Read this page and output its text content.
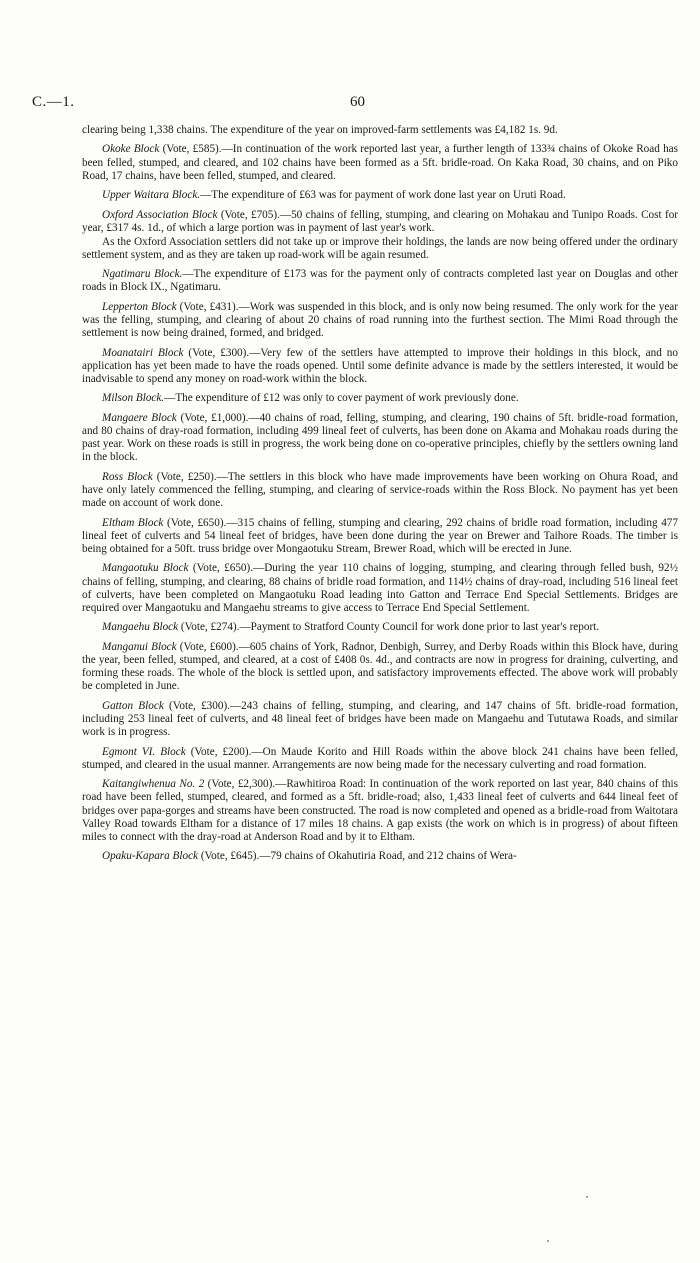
C.—1.	60

clearing being 1,338 chains. The expenditure of the year on improved-farm settlements was £4,182 1s. 9d.

Okoke Block (Vote, £585).—In continuation of the work reported last year, a further length of 133¾ chains of Okoke Road has been felled, stumped, and cleared, and 102 chains have been formed as a 5ft. bridle-road. On Kaka Road, 30 chains, and on Piko Road, 17 chains, have been felled, stumped, and cleared.

Upper Waitara Block.—The expenditure of £63 was for payment of work done last year on Uruti Road.

Oxford Association Block (Vote, £705).—50 chains of felling, stumping, and clearing on Mohakau and Tunipo Roads. Cost for year, £317 4s. 1d., of which a large portion was in payment of last year's work.

As the Oxford Association settlers did not take up or improve their holdings, the lands are now being offered under the ordinary settlement system, and as they are taken up road-work will be again resumed.

Ngatimaru Block.—The expenditure of £173 was for the payment only of contracts completed last year on Douglas and other roads in Block IX., Ngatimaru.

Lepperton Block (Vote, £431).—Work was suspended in this block, and is only now being resumed. The only work for the year was the felling, stumping, and clearing of about 20 chains of road running into the furthest section. The Mimi Road through the settlement is now being drained, formed, and bridged.

Moanatairi Block (Vote, £300).—Very few of the settlers have attempted to improve their holdings in this block, and no application has yet been made to have the roads opened. Until some definite advance is made by the settlers interested, it would be inadvisable to spend any money on road-work within the block.

Milson Block.—The expenditure of £12 was only to cover payment of work previously done.

Mangaere Block (Vote, £1,000).—40 chains of road, felling, stumping, and clearing, 190 chains of 5ft. bridle-road formation, and 80 chains of dray-road formation, including 499 lineal feet of culverts, has been done on Akama and Mohakau roads during the past year. Work on these roads is still in progress, the work being done on co-operative principles, chiefly by the settlers owning land in the block.

Ross Block (Vote, £250).—The settlers in this block who have made improvements have been working on Ohura Road, and have only lately commenced the felling, stumping, and clearing of service-roads within the Ross Block. No payment has yet been made on account of work done.

Eltham Block (Vote, £650).—315 chains of felling, stumping and clearing, 292 chains of bridle road formation, including 477 lineal feet of culverts and 54 lineal feet of bridges, have been done during the year on Brewer and Taihore Roads. The timber is being obtained for a 50ft. truss bridge over Mongaotuku Stream, Brewer Road, which will be erected in June.

Mangaotuku Block (Vote, £650).—During the year 110 chains of logging, stumping, and clearing through felled bush, 92½ chains of felling, stumping, and clearing, 88 chains of bridle road formation, and 114½ chains of dray-road, including 516 lineal feet of culverts, have been completed on Mangaotuku Road leading into Gatton and Terrace End Special Settlements. Bridges are required over Mangaotuku and Mangaehu streams to give access to Terrace End Special Settlement.

Mangaehu Block (Vote, £274).—Payment to Stratford County Council for work done prior to last year's report.

Manganui Block (Vote, £600).—605 chains of York, Radnor, Denbigh, Surrey, and Derby Roads within this Block have, during the year, been felled, stumped, and cleared, at a cost of £408 0s. 4d., and contracts are now in progress for draining, culverting, and forming these roads. The whole of the block is settled upon, and satisfactory improvements effected. The above work will probably be completed in June.

Gatton Block (Vote, £300).—243 chains of felling, stumping, and clearing, and 147 chains of 5ft. bridle-road formation, including 253 lineal feet of culverts, and 48 lineal feet of bridges have been made on Mangaehu and Tututawa Roads, and similar work is in progress.

Egmont VI. Block (Vote, £200).—On Maude Korito and Hill Roads within the above block 241 chains have been felled, stumped, and cleared in the usual manner. Arrangements are now being made for the necessary culverting and road formation.

Kaitangiwhenua No. 2 (Vote, £2,300).—Rawhitiroa Road: In continuation of the work reported on last year, 840 chains of this road have been felled, stumped, cleared, and formed as a 5ft. bridle-road; also, 1,433 lineal feet of culverts and 644 lineal feet of bridges over papa-gorges and streams have been constructed. The road is now completed and opened as a bridle-road from Waitotara Valley Road towards Eltham for a distance of 17 miles 18 chains. A gap exists (the work on which is in progress) of about fifteen miles to connect with the dray-road at Anderson Road and by it to Eltham.

Opaku-Kapara Block (Vote, £645).—79 chains of Okahutiria Road, and 212 chains of Wera-
